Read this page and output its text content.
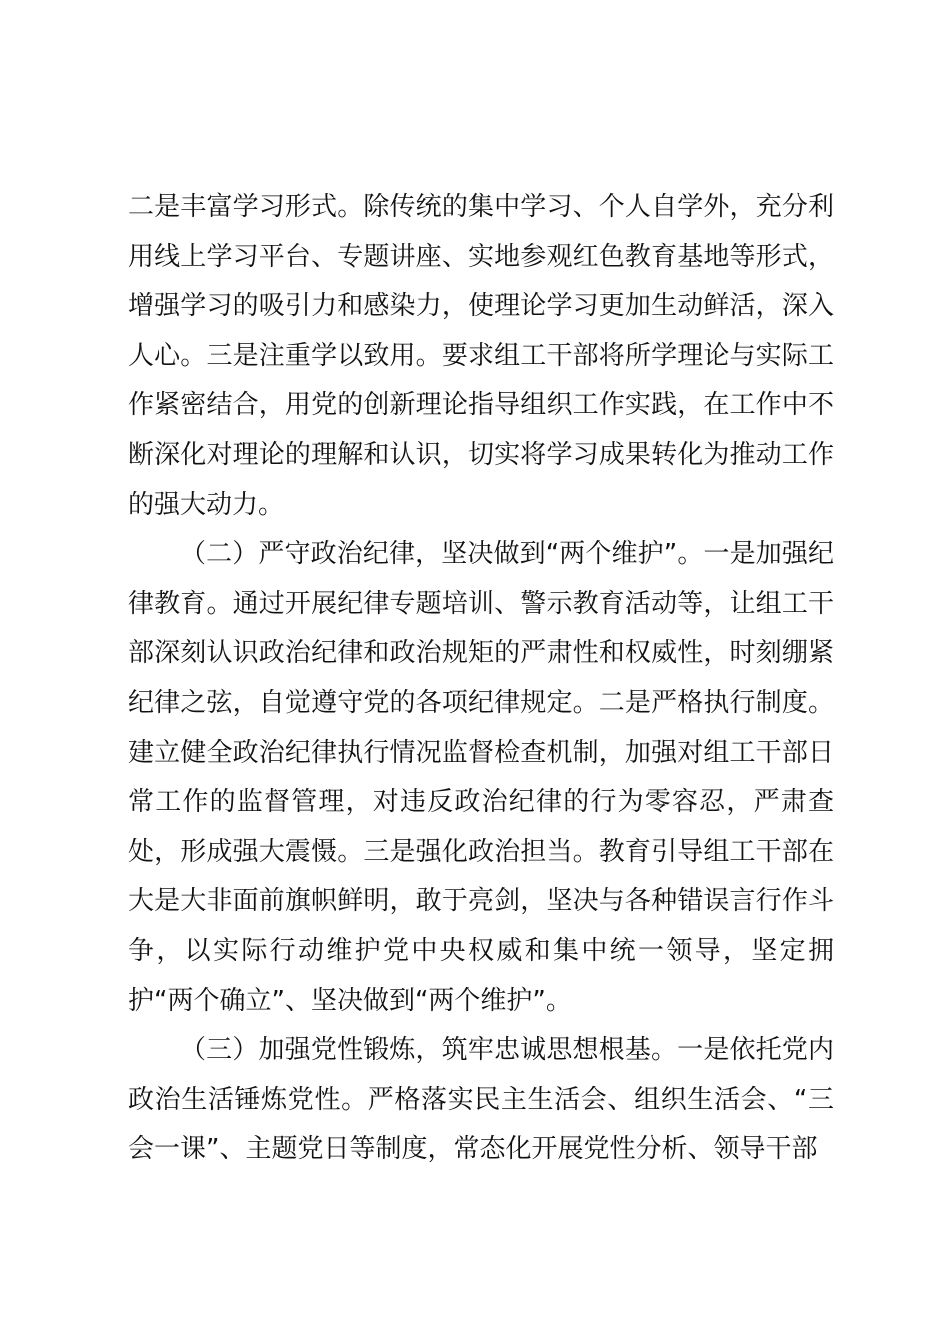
二是丰富学习形式。除传统的集中学习、个人自学外，充分利用线上学习平台、专题讲座、实地参观红色教育基地等形式，增强学习的吸引力和感染力，使理论学习更加生动鲜活，深入人心。三是注重学以致用。要求组工干部将所学理论与实际工作紧密结合，用党的创新理论指导组织工作实践，在工作中不断深化对理论的理解和认识，切实将学习成果转化为推动工作的强大动力。

（二）严守政治纪律，坚决做到“两个维护”。一是加强纪律教育。通过开展纪律专题培训、警示教育活动等，让组工干部深刻认识政治纪律和政治规矩的严肃性和权威性，时刻绷紧纪律之弦，自觉遵守党的各项纪律规定。二是严格执行制度。建立健全政治纪律执行情况监督检查机制，加强对组工干部日常工作的监督管理，对违反政治纪律的行为零容忍，严肃查处，形成强大震慑。三是强化政治担当。教育引导组工干部在大是大非面前旗帜鲜明，敢于亮剑，坚决与各种错误言行作斗争，以实际行动维护党中央权威和集中统一领导，坚定拥护“两个确立”、坚决做到“两个维护”。

（三）加强党性锻炼，筑牢忠诚思想根基。一是依托党内政治生活锤炼党性。严格落实民主生活会、组织生活会、“三会一课”、主题党日等制度，常态化开展党性分析、领导干部
